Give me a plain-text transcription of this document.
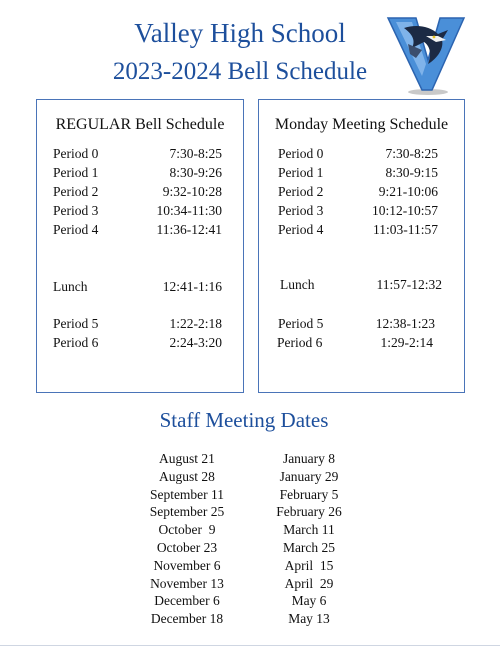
Valley High School
2023-2024 Bell Schedule
REGULAR Bell Schedule
Period 0	7:30-8:25
Period 1	8:30-9:26
Period 2	9:32-10:28
Period 3	10:34-11:30
Period 4	11:36-12:41
Lunch	12:41-1:16
Period 5	1:22-2:18
Period 6	2:24-3:20
Monday Meeting Schedule
Period 0	7:30-8:25
Period 1	8:30-9:15
Period 2	9:21-10:06
Period 3	10:12-10:57
Period 4	11:03-11:57
Lunch	11:57-12:32
Period 5	12:38-1:23
Period 6	1:29-2:14
Staff Meeting Dates
August 21
August 28
September 11
September 25
October  9
October 23
November 6
November 13
December 6
December 18
January 8
January 29
February 5
February 26
March 11
March 25
April  15
April  29
May 6
May 13
